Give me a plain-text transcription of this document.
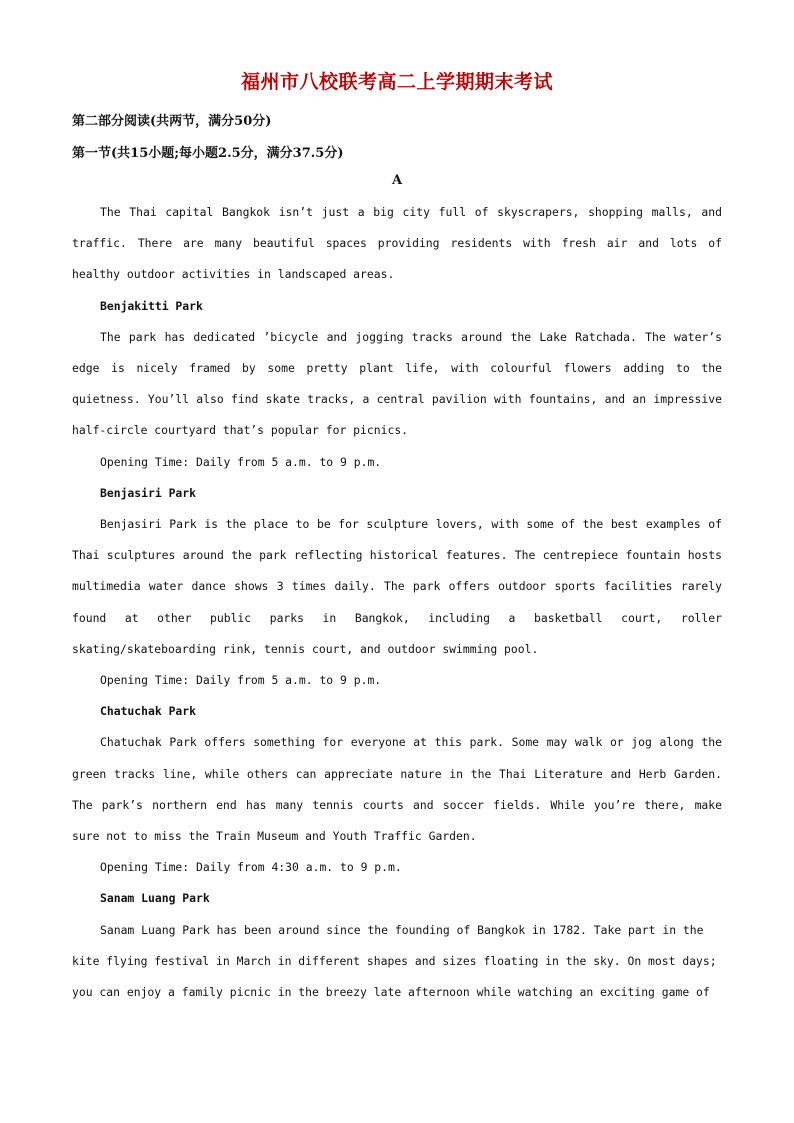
福州市八校联考高二上学期期末考试
第二部分阅读(共两节，满分50分)
第一节(共15小题;每小题2.5分，满分37.5分)
A

The Thai capital Bangkok isn’t just a big city full of skyscrapers, shopping malls, and traffic. There are many beautiful spaces providing residents with fresh air and lots of healthy outdoor activities in landscaped areas.

Benjakitti Park

The park has dedicated ’bicycle and jogging tracks around the Lake Ratchada. The water’s edge is nicely framed by some pretty plant life, with colourful flowers adding to the quietness. You’ll also find skate tracks, a central pavilion with fountains, and an impressive half-circle courtyard that’s popular for picnics.

Opening Time: Daily from 5 a.m. to 9 p.m.

Benjasiri Park

Benjasiri Park is the place to be for sculpture lovers, with some of the best examples of Thai sculptures around the park reflecting historical features. The centrepiece fountain hosts multimedia water dance shows 3 times daily. The park offers outdoor sports facilities rarely found at other public parks in Bangkok, including a basketball court, roller skating/skateboarding rink, tennis court, and outdoor swimming pool.

Opening Time: Daily from 5 a.m. to 9 p.m.

Chatuchak Park

Chatuchak Park offers something for everyone at this park. Some may walk or jog along the green tracks line, while others can appreciate nature in the Thai Literature and Herb Garden. The park’s northern end has many tennis courts and soccer fields. While you’re there, make sure not to miss the Train Museum and Youth Traffic Garden.

Opening Time: Daily from 4:30 a.m. to 9 p.m.

Sanam Luang Park

Sanam Luang Park has been around since the founding of Bangkok in 1782. Take part in the kite flying festival in March in different shapes and sizes floating in the sky. On most days; you can enjoy a family picnic in the breezy late afternoon while watching an exciting game of
